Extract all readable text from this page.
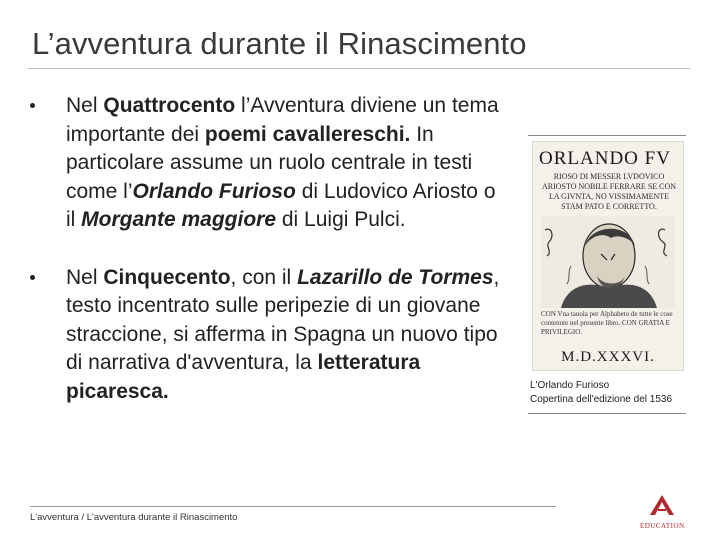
L’avventura durante il Rinascimento
Nel Quattrocento l’Avventura diviene un tema importante dei poemi cavallereschi. In particolare assume un ruolo centrale in testi come l’Orlando Furioso di Ludovico Ariosto o il Morgante maggiore di Luigi Pulci.
Nel Cinquecento, con il Lazarillo de Tormes, testo incentrato sulle peripezie di un giovane straccione, si afferma in Spagna un nuovo tipo di narrativa d'avventura, la letteratura picaresca.
ORLANDO FV
RIOSO DI MESSER LVDOVICO ARIOSTO NOBILE FERRARE SE CON LA GIVNTA, NO VISSIMAMENTE STAM PATO E CORRETTO.
CON Vna tauola per Alphabeto de tutte le cose contenute nel presente libro. CON GRATIA E PRIVILEGIO.
M.D.XXXVI.
L'Orlando Furioso
Copertina dell'edizione del 1536
L'avventura / L'avventura durante il Rinascimento
EDUCATION
